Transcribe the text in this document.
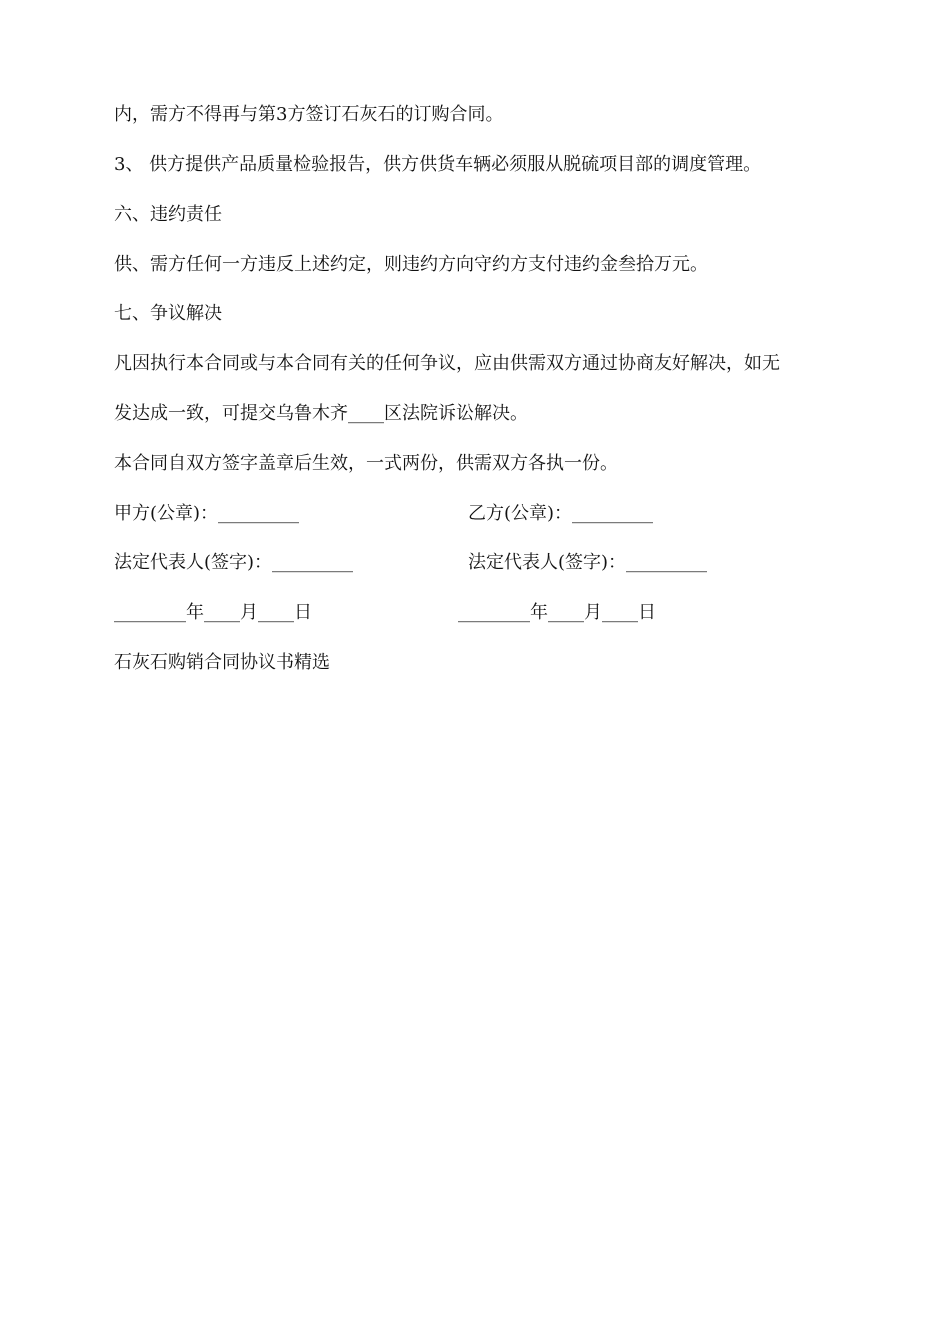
内，需方不得再与第3方签订石灰石的订购合同。
3、 供方提供产品质量检验报告，供方供货车辆必须服从脱硫项目部的调度管理。
六、违约责任
供、需方任何一方违反上述约定，则违约方向守约方支付违约金叁拾万元。
七、争议解决
凡因执行本合同或与本合同有关的任何争议，应由供需双方通过协商友好解决，如无
发达成一致，可提交乌鲁木齐____区法院诉讼解决。
本合同自双方签字盖章后生效，一式两份，供需双方各执一份。
甲方(公章)：_________	乙方(公章)：_________
法定代表人(签字)：_________	法定代表人(签字)：_________
________年____月____日	________年____月____日
石灰石购销合同协议书精选
